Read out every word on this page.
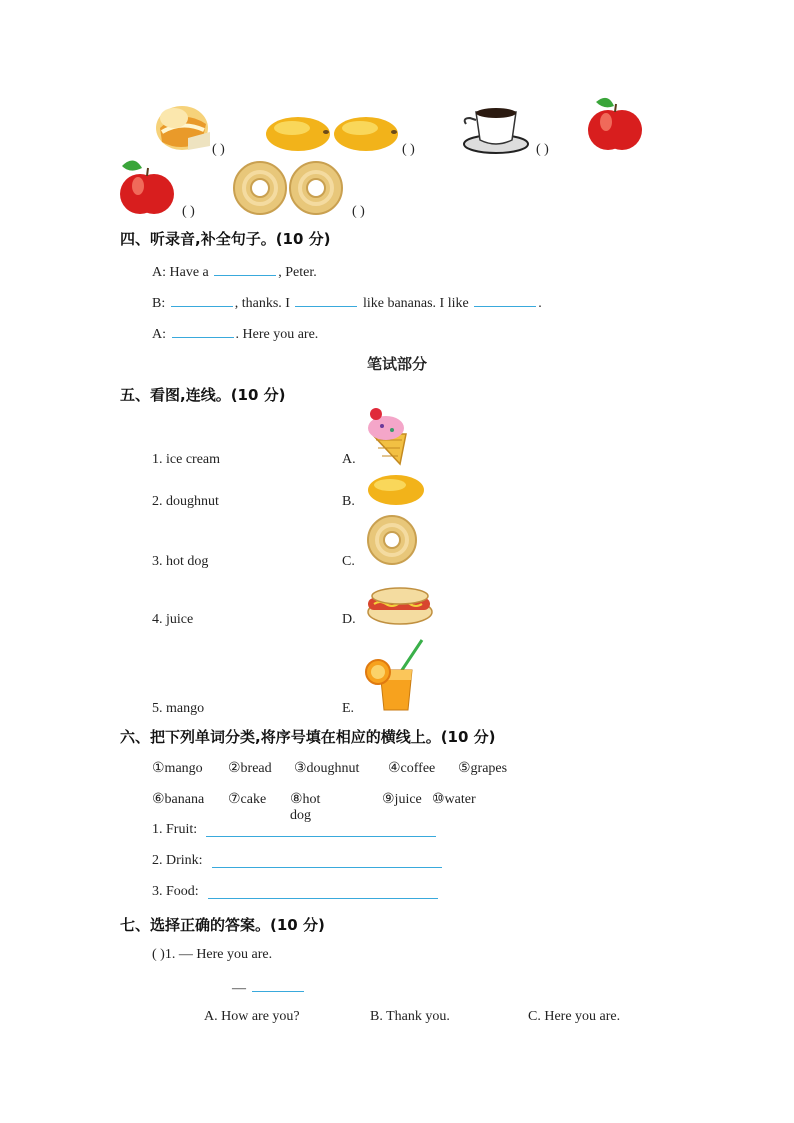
( )	( )	( )
( )	( )
四、听录音,补全句子。(10 分)
A: Have a	, Peter.
B:	, thanks. I	like bananas. I like	.
A:	. Here you are.
笔试部分
五、看图,连线。(10 分)
1. ice cream
2. doughnut
3. hot dog
4. juice
5. mango
A.
B.
C.
D.
E.
六、把下列单词分类,将序号填在相应的横线上。(10 分)
①mango ②bread ③doughnut ④coffee ⑤grapes
⑥banana ⑦cake ⑧hot dog
⑨juice ⑩water
1. Fruit:
2. Drink:
3. Food:
七、选择正确的答案。(10 分)
( )1. — Here you are.
—
A. How are you?	B. Thank you.	C. Here you are.
